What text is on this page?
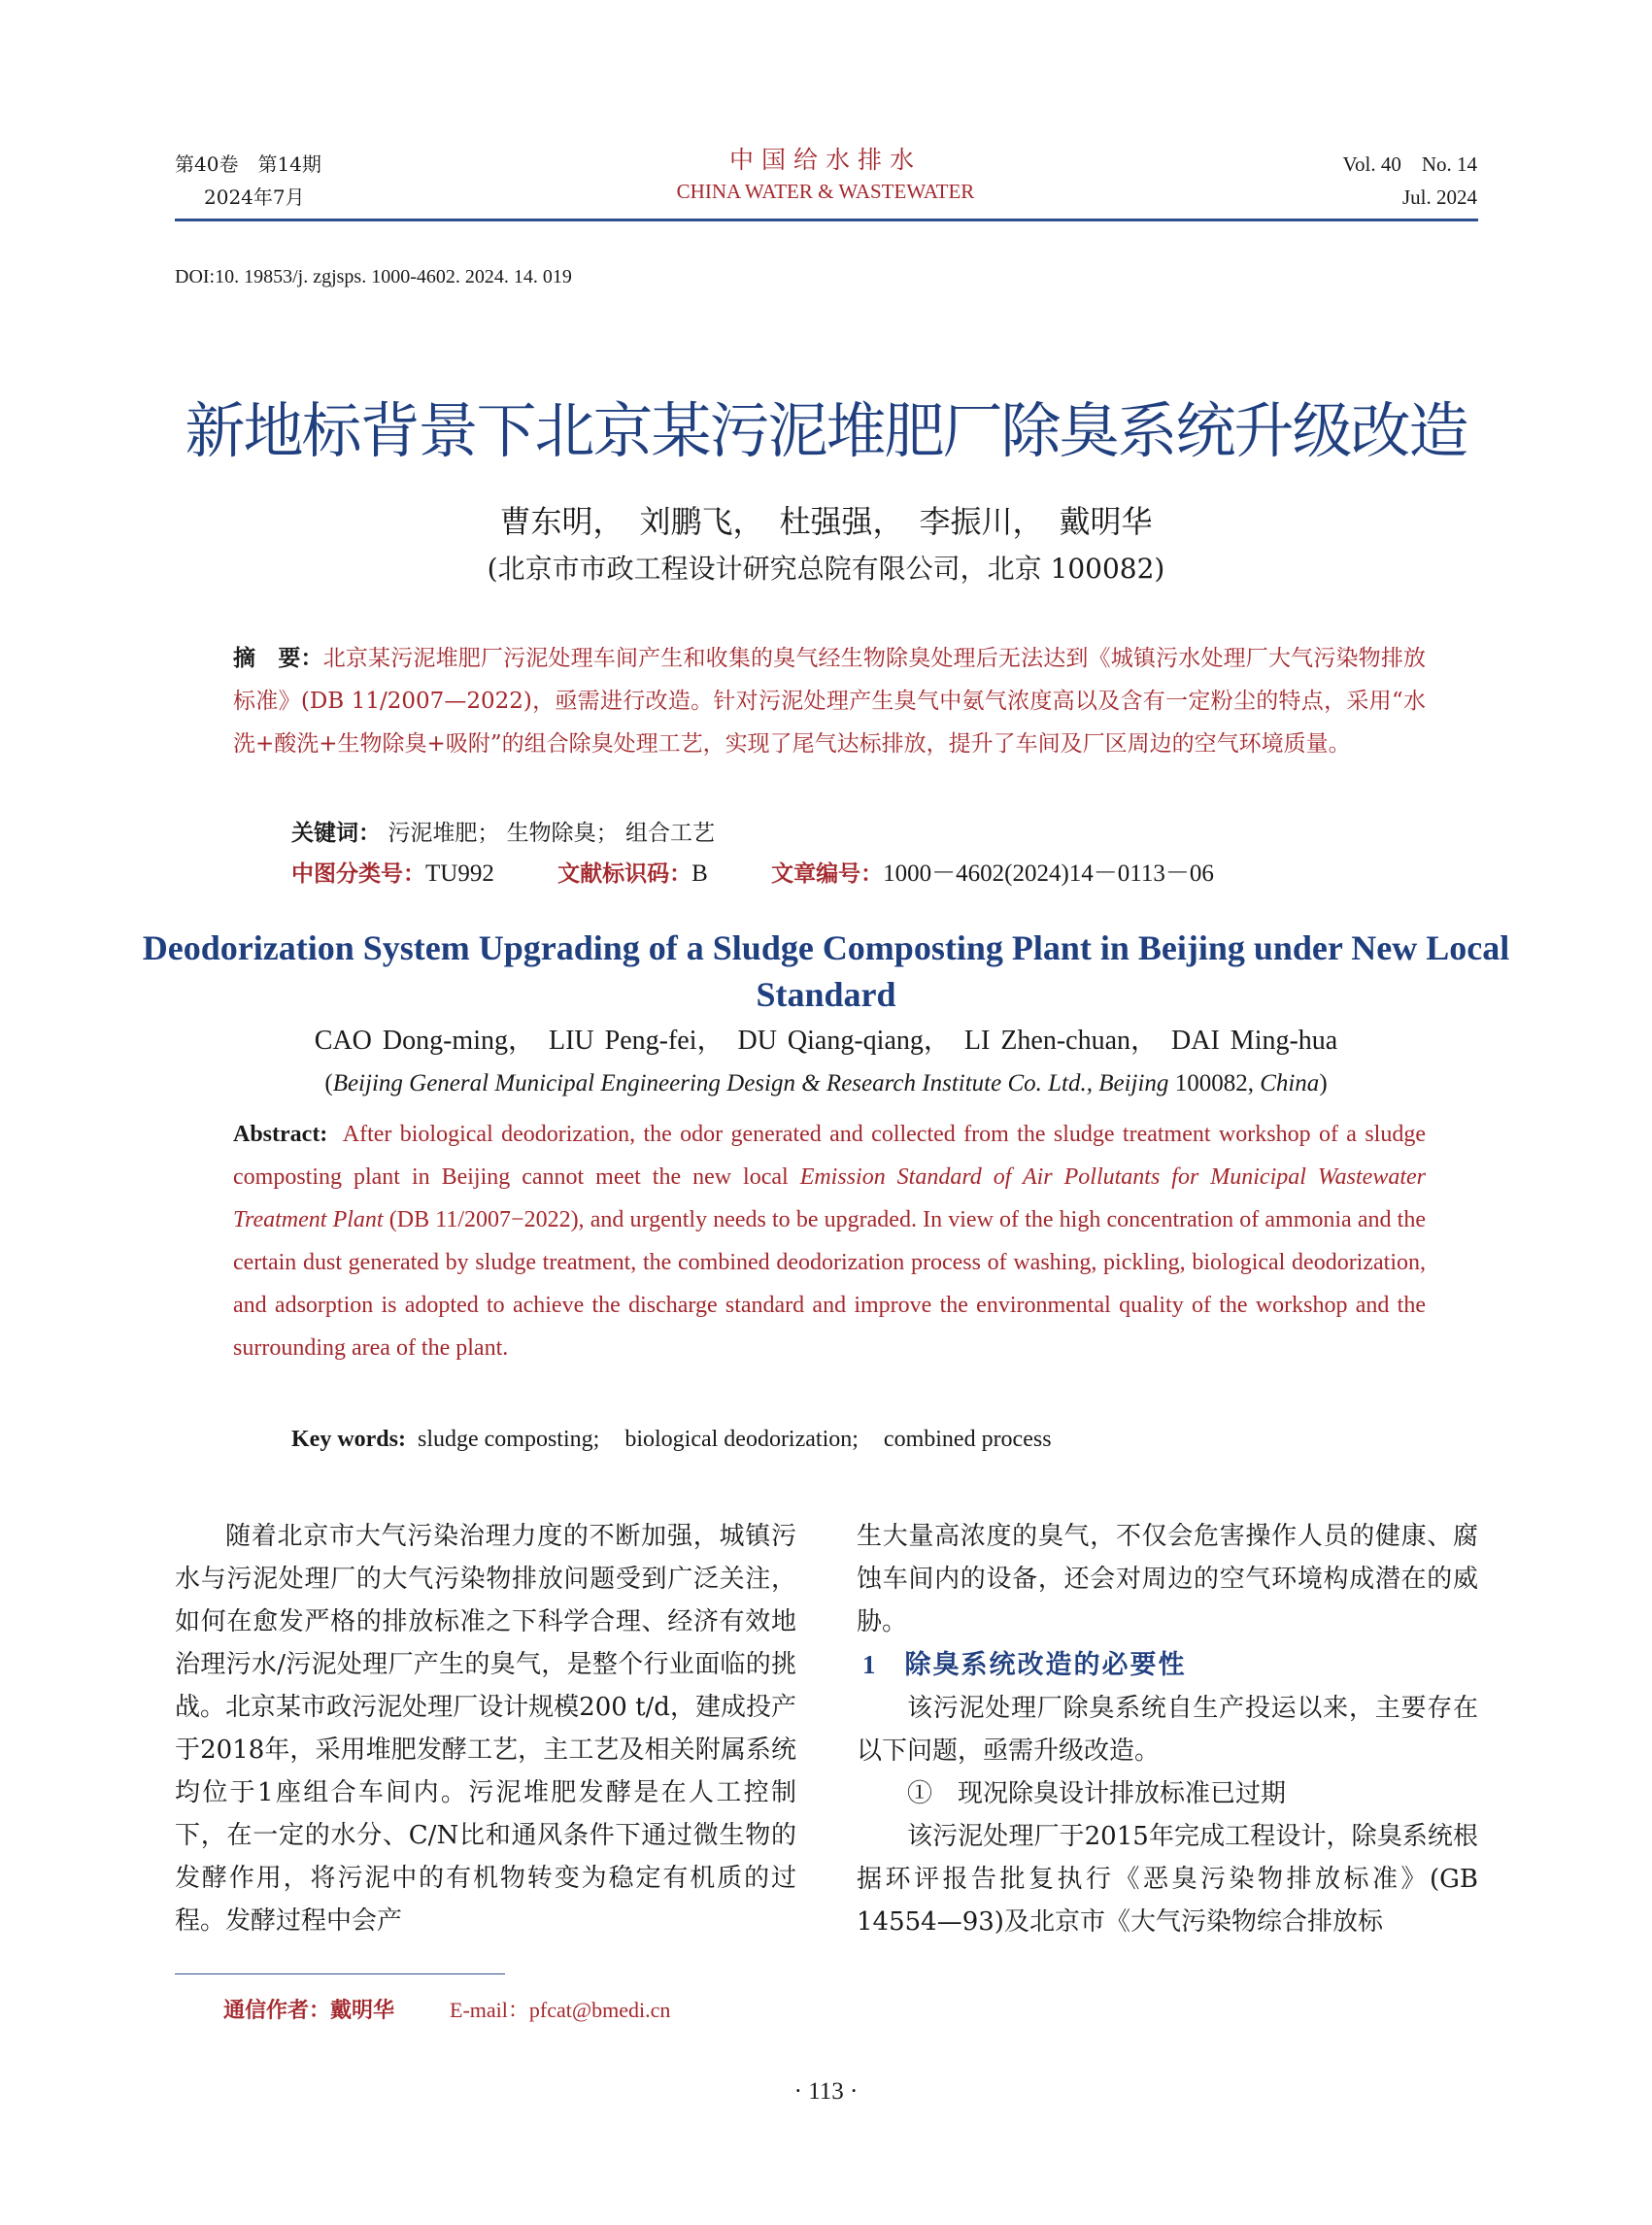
第40卷　第14期
2024年7月
中国给水排水
CHINA WATER & WASTEWATER
Vol. 40　No. 14
Jul. 2024
DOI:10. 19853/j. zgjsps. 1000-4602. 2024. 14. 019
新地标背景下北京某污泥堆肥厂除臭系统升级改造
曹东明，　刘鹏飞，　杜强强，　李振川，　戴明华
(北京市市政工程设计研究总院有限公司，北京 100082)
摘　要：北京某污泥堆肥厂污泥处理车间产生和收集的臭气经生物除臭处理后无法达到《城镇污水处理厂大气污染物排放标准》(DB 11/2007—2022)，亟需进行改造。针对污泥处理产生臭气中氨气浓度高以及含有一定粉尘的特点，采用“水洗+酸洗+生物除臭+吸附”的组合除臭处理工艺，实现了尾气达标排放，提升了车间及厂区周边的空气环境质量。
关键词： 污泥堆肥； 生物除臭； 组合工艺
中图分类号：TU992	文献标识码：B	文章编号：1000－4602(2024)14－0113－06
Deodorization System Upgrading of a Sludge Composting Plant in Beijing under New Local Standard
CAO Dong-ming，　LIU Peng-fei，　DU Qiang-qiang，　LI Zhen-chuan，　DAI Ming-hua
(Beijing General Municipal Engineering Design & Research Institute Co. Ltd., Beijing 100082, China)
Abstract: After biological deodorization, the odor generated and collected from the sludge treatment workshop of a sludge composting plant in Beijing cannot meet the new local Emission Standard of Air Pollutants for Municipal Wastewater Treatment Plant (DB 11/2007−2022), and urgently needs to be upgraded. In view of the high concentration of ammonia and the certain dust generated by sludge treatment, the combined deodorization process of washing, pickling, biological deodorization, and adsorption is adopted to achieve the discharge standard and improve the environmental quality of the workshop and the surrounding area of the plant.
Key words: sludge composting; biological deodorization; combined process

随着北京市大气污染治理力度的不断加强，城镇污水与污泥处理厂的大气污染物排放问题受到广泛关注，如何在愈发严格的排放标准之下科学合理、经济有效地治理污水/污泥处理厂产生的臭气，是整个行业面临的挑战。北京某市政污泥处理厂设计规模200 t/d，建成投产于2018年，采用堆肥发酵工艺，主工艺及相关附属系统均位于1座组合车间内。污泥堆肥发酵是在人工控制下，在一定的水分、C/N比和通风条件下通过微生物的发酵作用，将污泥中的有机物转变为稳定有机质的过程。发酵过程中会产

生大量高浓度的臭气，不仅会危害操作人员的健康、腐蚀车间内的设备，还会对周边的空气环境构成潜在的威胁。

1 除臭系统改造的必要性

该污泥处理厂除臭系统自生产投运以来，主要存在以下问题，亟需升级改造。

①　现况除臭设计排放标准已过期

该污泥处理厂于2015年完成工程设计，除臭系统根据环评报告批复执行《恶臭污染物排放标准》(GB 14554—93)及北京市《大气污染物综合排放标

通信作者：戴明华	E-mail：pfcat@bmedi.cn
· 113 ·
